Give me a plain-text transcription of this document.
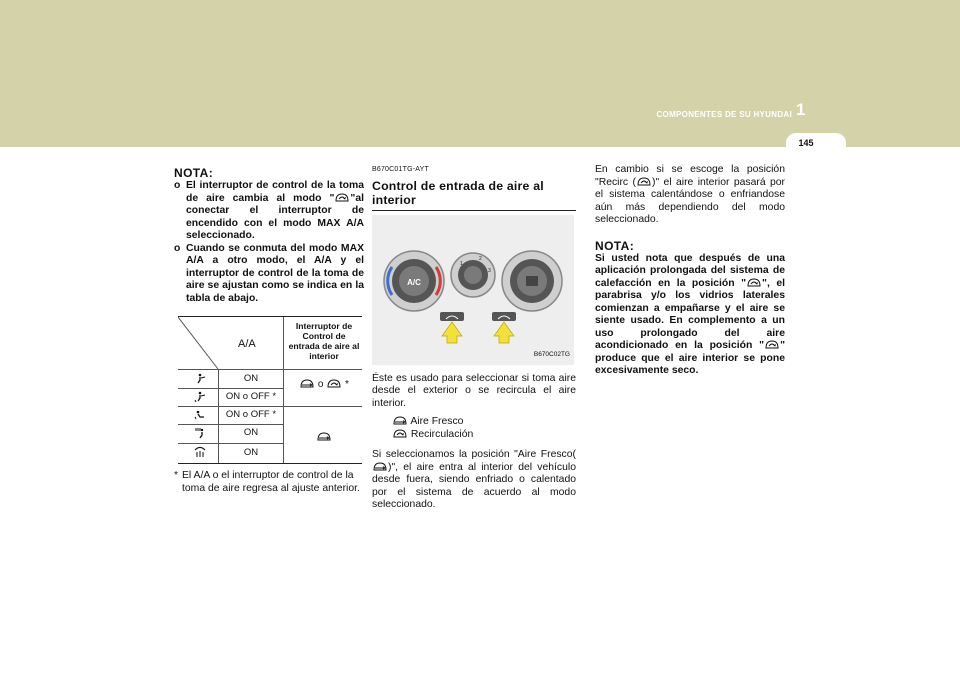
COMPONENTES DE SU HYUNDAI 1
145
NOTA:
o El interruptor de control de la toma de aire cambia al modo " "al conectar el interruptor de encendido con el modo MAX A/A seleccionado.
o Cuando se conmuta del modo MAX A/A a otro modo, el A/A y el interruptor de control de la toma de aire se ajustan como se indica en la tabla de abajo.
A/A
Interruptor de Control de entrada de aire al interior
ON
ON o OFF *
ON o OFF *
ON
ON
o *
* El A/A o el interruptor de control de la toma de aire regresa al ajuste anterior.
B670C01TG-AYT
Control de entrada de aire al interior
A/C
1
2
3
B670C02TG
Éste es usado para seleccionar si toma aire desde el exterior o se recircula el aire interior.
Aire Fresco
Recirculación
Si seleccionamos la posición "Aire Fresco(
)", el aire entra al interior del vehículo desde fuera, siendo enfriado o calentado por el sistema de acuerdo al modo seleccionado.
En cambio si se escoge la posición "Recirc ( )" el aire interior pasará por el sistema calentándose o enfriandose aún más dependiendo del modo seleccionado.
NOTA:
Si usted nota que después de una aplicación prolongada del sistema de calefacción en la posición " ", el parabrisa y/o los vidrios laterales comienzan a empañarse y el aire se siente usado. En complemento a un uso prolongado del aire acondicionado en la posición " " produce que el aire interior se pone excesivamente seco.
